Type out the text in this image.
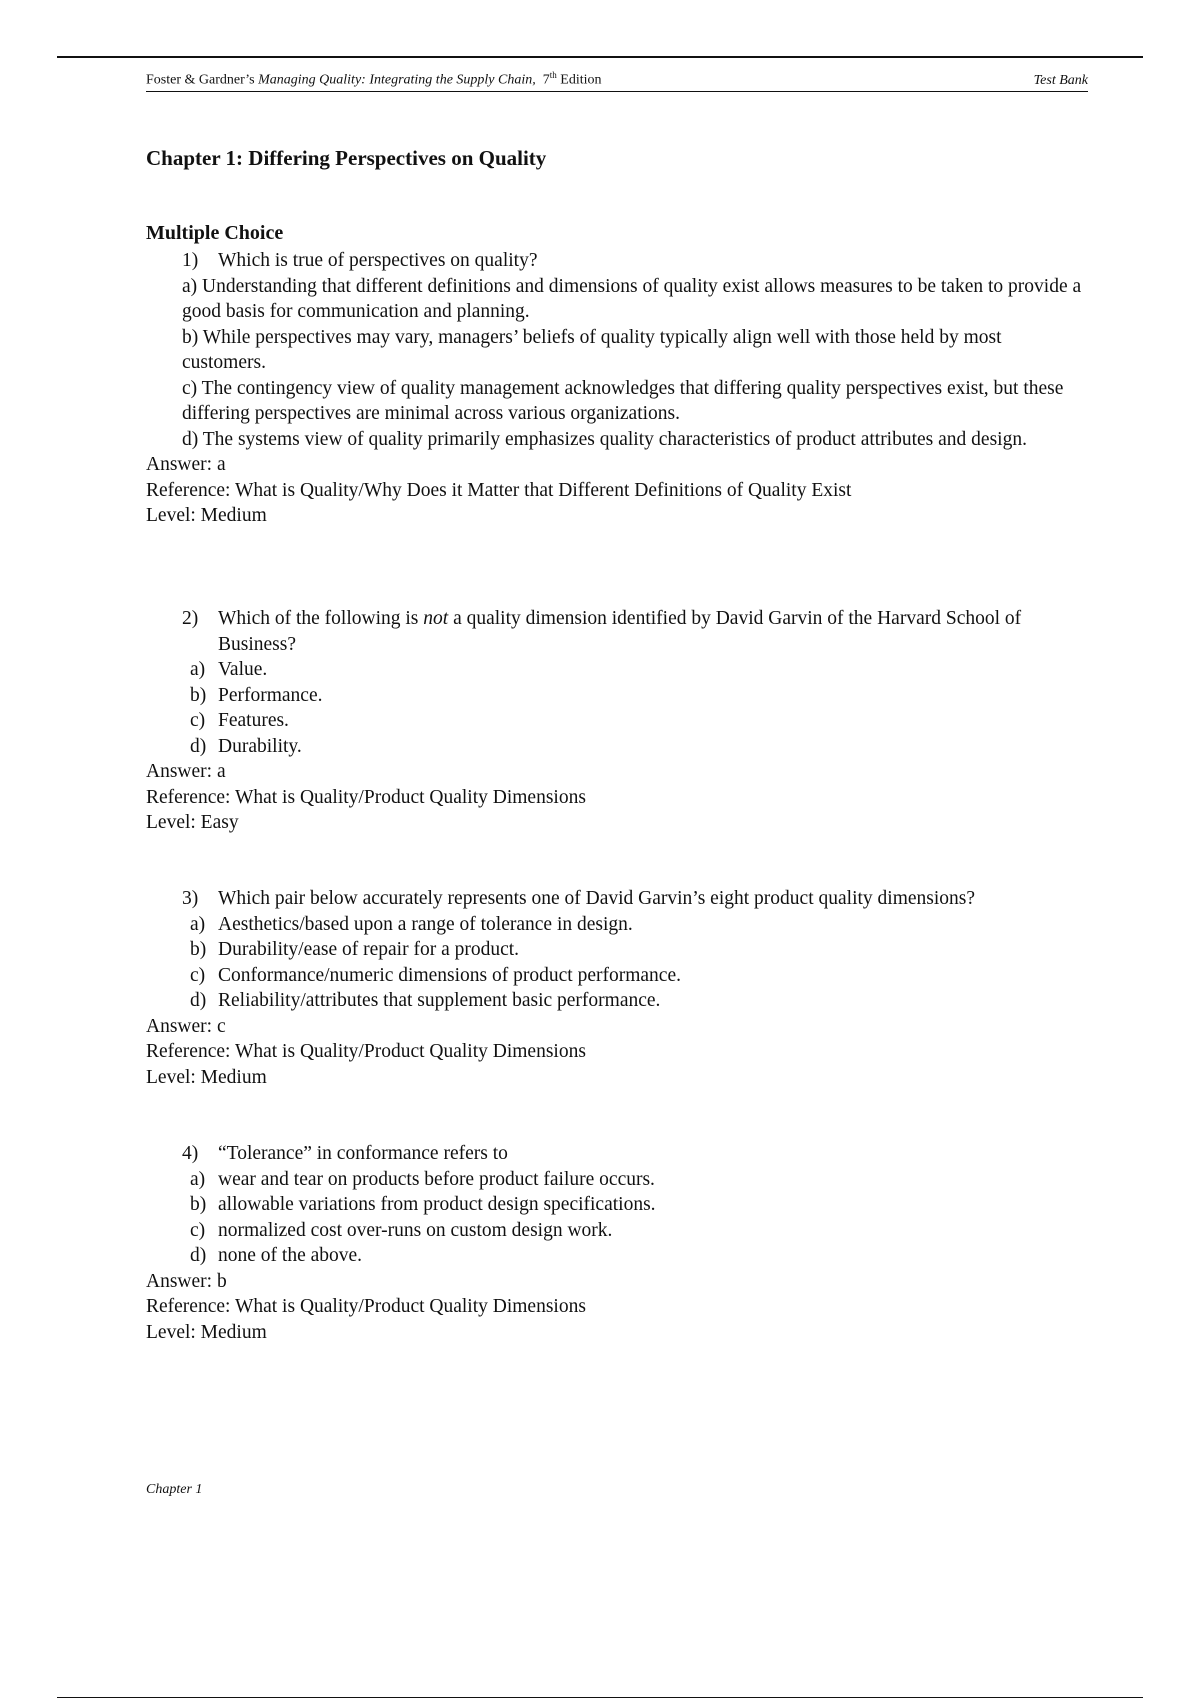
Foster & Gardner’s Managing Quality: Integrating the Supply Chain, 7th Edition	Test Bank
Chapter 1: Differing Perspectives on Quality
Multiple Choice
1)	Which is true of perspectives on quality?
a) Understanding that different definitions and dimensions of quality exist allows measures to be taken to provide a good basis for communication and planning.
b) While perspectives may vary, managers’ beliefs of quality typically align well with those held by most customers.
c) The contingency view of quality management acknowledges that differing quality perspectives exist, but these differing perspectives are minimal across various organizations.
d) The systems view of quality primarily emphasizes quality characteristics of product attributes and design.
Answer: a
Reference: What is Quality/Why Does it Matter that Different Definitions of Quality Exist
Level: Medium
2)	Which of the following is not a quality dimension identified by David Garvin of the Harvard School of Business?
a) Value.
b) Performance.
c) Features.
d) Durability.
Answer: a
Reference: What is Quality/Product Quality Dimensions
Level: Easy
3)	Which pair below accurately represents one of David Garvin’s eight product quality dimensions?
a) Aesthetics/based upon a range of tolerance in design.
b) Durability/ease of repair for a product.
c) Conformance/numeric dimensions of product performance.
d) Reliability/attributes that supplement basic performance.
Answer: c
Reference: What is Quality/Product Quality Dimensions
Level: Medium
4)	“Tolerance” in conformance refers to
a) wear and tear on products before product failure occurs.
b) allowable variations from product design specifications.
c) normalized cost over-runs on custom design work.
d) none of the above.
Answer: b
Reference: What is Quality/Product Quality Dimensions
Level: Medium
Chapter 1
